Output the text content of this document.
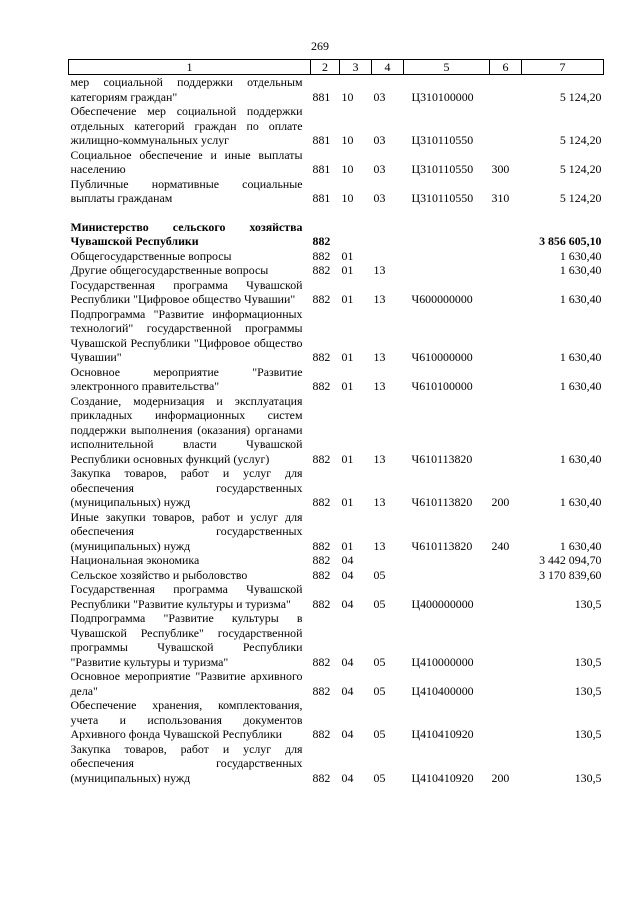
269
1	2	3	4	5	6	7
мер социальной поддержки отдельным категориям граждан"	881	10	03	Ц310100000		5 124,20
Обеспечение мер социальной поддержки отдельных категорий граждан по оплате жилищно-коммунальных услуг	881	10	03	Ц310110550		5 124,20
Социальное обеспечение и иные выплаты населению	881	10	03	Ц310110550	300	5 124,20
Публичные нормативные социальные выплаты гражданам	881	10	03	Ц310110550	310	5 124,20

Министерство сельского хозяйства Чувашской Республики	882					3 856 605,10
Общегосударственные вопросы	882	01				1 630,40
Другие общегосударственные вопросы	882	01	13			1 630,40
Государственная программа Чувашской Республики "Цифровое общество Чувашии"	882	01	13	Ч600000000		1 630,40
Подпрограмма "Развитие информационных технологий" государственной программы Чувашской Республики "Цифровое общество Чувашии"	882	01	13	Ч610000000		1 630,40
Основное мероприятие "Развитие электронного правительства"	882	01	13	Ч610100000		1 630,40
Создание, модернизация и эксплуатация прикладных информационных систем поддержки выполнения (оказания) органами исполнительной власти Чувашской Республики основных функций (услуг)	882	01	13	Ч610113820		1 630,40
Закупка товаров, работ и услуг для обеспечения государственных (муниципальных) нужд	882	01	13	Ч610113820	200	1 630,40
Иные закупки товаров, работ и услуг для обеспечения государственных (муниципальных) нужд	882	01	13	Ч610113820	240	1 630,40
Национальная экономика	882	04				3 442 094,70
Сельское хозяйство и рыболовство	882	04	05			3 170 839,60
Государственная программа Чувашской Республики "Развитие культуры и туризма"	882	04	05	Ц400000000		130,5
Подпрограмма "Развитие культуры в Чувашской Республике" государственной программы Чувашской Республики "Развитие культуры и туризма"	882	04	05	Ц410000000		130,5
Основное мероприятие "Развитие архивного дела"	882	04	05	Ц410400000		130,5
Обеспечение хранения, комплектования, учета и использования документов Архивного фонда Чувашской Республики	882	04	05	Ц410410920		130,5
Закупка товаров, работ и услуг для обеспечения государственных (муниципальных) нужд	882	04	05	Ц410410920	200	130,5
